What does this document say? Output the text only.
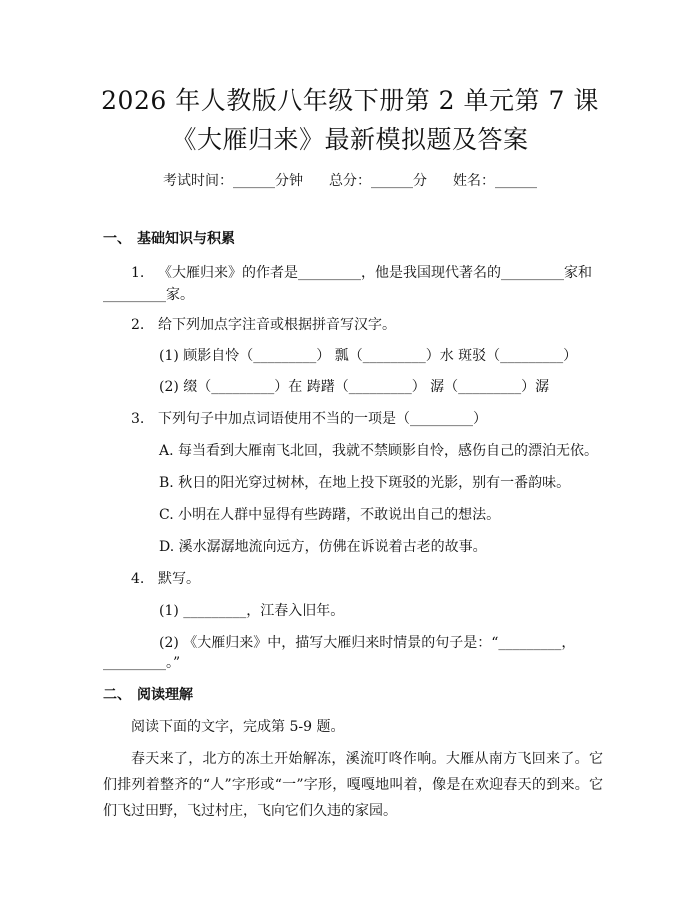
2026 年人教版八年级下册第 2 单元第 7 课
《大雁归来》最新模拟题及答案
考试时间：______分钟 总分：______分 姓名：______
一、 基础知识与积累
1. 《大雁归来》的作者是_________，他是我国现代著名的_________家和
_________家。
2. 给下列加点字注音或根据拼音写汉字。
(1) 顾影自怜（_________） 瓢（_________）水 斑驳（_________）
(2) 缀（_________）在 踌躇（_________） 潺（_________）潺
3. 下列句子中加点词语使用不当的一项是（_________）
A. 每当看到大雁南飞北回，我就不禁顾影自怜，感伤自己的漂泊无依。
B. 秋日的阳光穿过树林，在地上投下斑驳的光影，别有一番韵味。
C. 小明在人群中显得有些踌躇，不敢说出自己的想法。
D. 溪水潺潺地流向远方，仿佛在诉说着古老的故事。
4. 默写。
(1) _________，江春入旧年。
(2) 《大雁归来》中，描写大雁归来时情景的句子是：“_________，
_________。”
二、 阅读理解
阅读下面的文字，完成第 5-9 题。
春天来了，北方的冻土开始解冻，溪流叮咚作响。大雁从南方飞回来了。它们排列着整齐的“人”字形或“一”字形，嘎嘎地叫着，像是在欢迎春天的到来。它们飞过田野，飞过村庄，飞向它们久违的家园。
